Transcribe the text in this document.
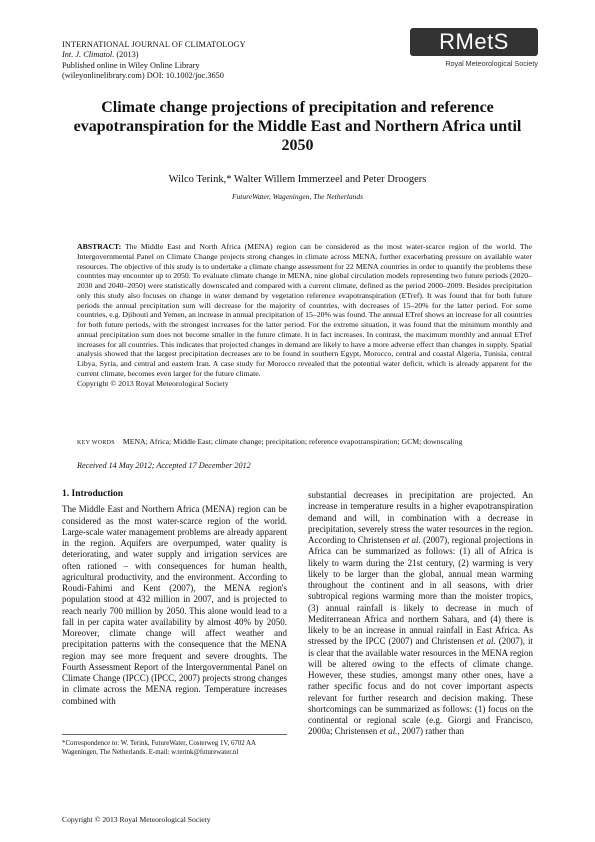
INTERNATIONAL JOURNAL OF CLIMATOLOGY
Int. J. Climatol. (2013)
Published online in Wiley Online Library
(wileyonlinelibrary.com) DOI: 10.1002/joc.3650
RMetS
Royal Meteorological Society
Climate change projections of precipitation and reference evapotranspiration for the Middle East and Northern Africa until 2050
Wilco Terink,* Walter Willem Immerzeel and Peter Droogers
FutureWater, Wageningen, The Netherlands
ABSTRACT: The Middle East and North Africa (MENA) region can be considered as the most water-scarce region of the world. The Intergovernmental Panel on Climate Change projects strong changes in climate across MENA, further exacerbating pressure on available water resources. The objective of this study is to undertake a climate change assessment for 22 MENA countries in order to quantify the problems these countries may encounter up to 2050. To evaluate climate change in MENA, nine global circulation models representing two future periods (2020–2030 and 2040–2050) were statistically downscaled and compared with a current climate, defined as the period 2000–2009. Besides precipitation only this study also focuses on change in water demand by vegetation reference evapotranspiration (ETref). It was found that for both future periods the annual precipitation sum will decrease for the majority of countries, with decreases of 15–20% for the latter period. For some countries, e.g. Djibouti and Yemen, an increase in annual precipitation of 15–20% was found. The annual ETref shows an increase for all countries for both future periods, with the strongest increases for the latter period. For the extreme situation, it was found that the minimum monthly and annual precipitation sum does not become smaller in the future climate. It in fact increases. In contrast, the maximum monthly and annual ETref increases for all countries. This indicates that projected changes in demand are likely to have a more adverse effect than changes in supply. Spatial analysis showed that the largest precipitation decreases are to be found in southern Egypt, Morocco, central and coastal Algeria, Tunisia, central Libya, Syria, and central and eastern Iran. A case study for Morocco revealed that the potential water deficit, which is already apparent for the current climate, becomes even larger for the future climate.
Copyright © 2013 Royal Meteorological Society
KEY WORDS MENA; Africa; Middle East; climate change; precipitation; reference evapotranspiration; GCM; downscaling
Received 14 May 2012; Accepted 17 December 2012
1. Introduction

The Middle East and Northern Africa (MENA) region can be considered as the most water-scarce region of the world. Large-scale water management problems are already apparent in the region. Aquifers are overpumped, water quality is deteriorating, and water supply and irrigation services are often rationed – with consequences for human health, agricultural productivity, and the environment. According to Roudi-Fahimi and Kent (2007), the MENA region's population stood at 432 million in 2007, and is projected to reach nearly 700 million by 2050. This alone would lead to a fall in per capita water availability by almost 40% by 2050. Moreover, climate change will affect weather and precipitation patterns with the consequence that the MENA region may see more frequent and severe droughts. The Fourth Assessment Report of the Intergovernmental Panel on Climate Change (IPCC) (IPCC, 2007) projects strong changes in climate across the MENA region. Temperature increases combined with

substantial decreases in precipitation are projected. An increase in temperature results in a higher evapotranspiration demand and will, in combination with a decrease in precipitation, severely stress the water resources in the region. According to Christensen et al. (2007), regional projections in Africa can be summarized as follows: (1) all of Africa is likely to warm during the 21st century, (2) warming is very likely to be larger than the global, annual mean warming throughout the continent and in all seasons, with drier subtropical regions warming more than the moister tropics, (3) annual rainfall is likely to decrease in much of Mediterranean Africa and northern Sahara, and (4) there is likely to be an increase in annual rainfall in East Africa. As stressed by the IPCC (2007) and Christensen et al. (2007), it is clear that the available water resources in the MENA region will be altered owing to the effects of climate change. However, these studies, amongst many other ones, have a rather specific focus and do not cover important aspects relevant for further research and decision making. These shortcomings can be summarized as follows: (1) focus on the continental or regional scale (e.g. Giorgi and Francisco, 2000a; Christensen et al., 2007) rather than

*Correspondence to: W. Terink, FutureWater, Costerweg 1V, 6702 AA Wageningen, The Netherlands. E-mail: w.terink@futurewater.nl
Copyright © 2013 Royal Meteorological Society
